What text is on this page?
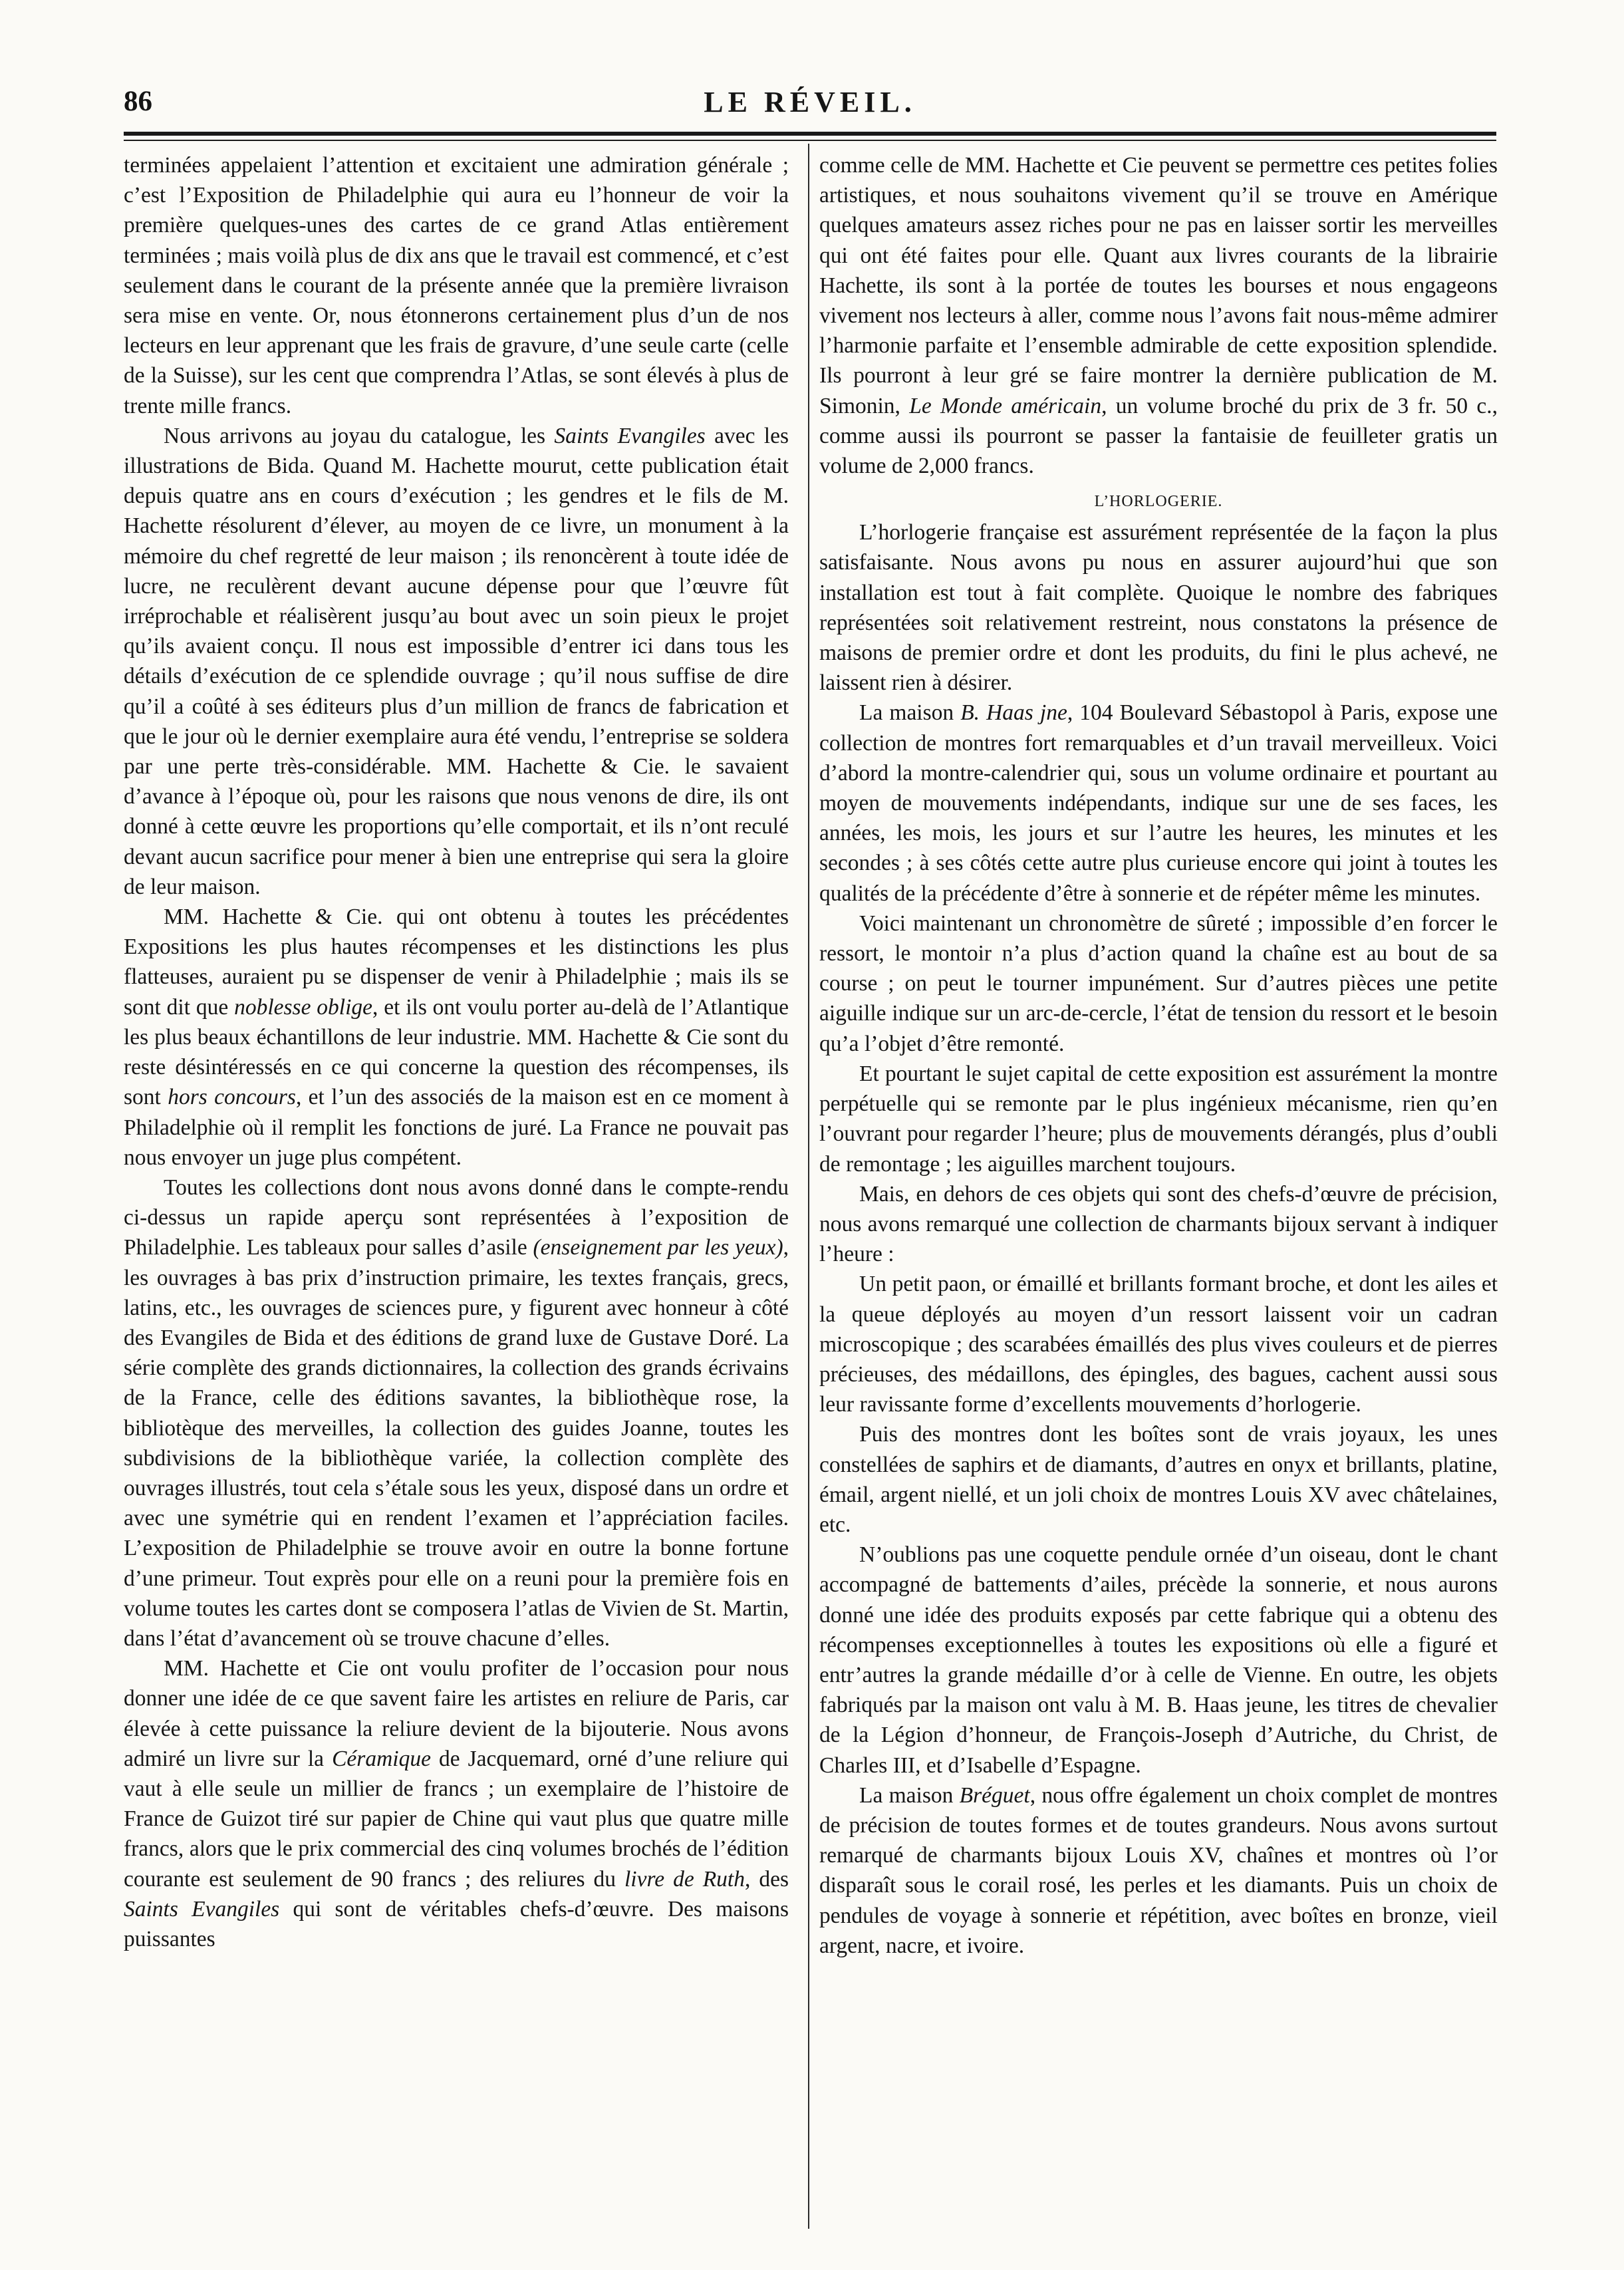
86	LE RÉVEIL.

terminées appelaient l’attention et excitaient une admiration générale ; c’est l’Exposition de Philadelphie qui aura eu l’honneur de voir la première quelques-unes des cartes de ce grand Atlas entièrement terminées ; mais voilà plus de dix ans que le travail est commencé, et c’est seulement dans le courant de la présente année que la première livraison sera mise en vente. Or, nous étonnerons certainement plus d’un de nos lecteurs en leur apprenant que les frais de gravure, d’une seule carte (celle de la Suisse), sur les cent que comprendra l’Atlas, se sont élevés à plus de trente mille francs.

Nous arrivons au joyau du catalogue, les Saints Evangiles avec les illustrations de Bida. Quand M. Hachette mourut, cette publication était depuis quatre ans en cours d’exécution ; les gendres et le fils de M. Hachette résolurent d’élever, au moyen de ce livre, un monument à la mémoire du chef regretté de leur maison ; ils renoncèrent à toute idée de lucre, ne reculèrent devant aucune dépense pour que l’œuvre fût irréprochable et réalisèrent jusqu’au bout avec un soin pieux le projet qu’ils avaient conçu. Il nous est impossible d’entrer ici dans tous les détails d’exécution de ce splendide ouvrage ; qu’il nous suffise de dire qu’il a coûté à ses éditeurs plus d’un million de francs de fabrication et que le jour où le dernier exemplaire aura été vendu, l’entreprise se soldera par une perte très-considérable. MM. Hachette & Cie. le savaient d’avance à l’époque où, pour les raisons que nous venons de dire, ils ont donné à cette œuvre les proportions qu’elle comportait, et ils n’ont reculé devant aucun sacrifice pour mener à bien une entreprise qui sera la gloire de leur maison.

MM. Hachette & Cie. qui ont obtenu à toutes les précédentes Expositions les plus hautes récompenses et les distinctions les plus flatteuses, auraient pu se dispenser de venir à Philadelphie ; mais ils se sont dit que noblesse oblige, et ils ont voulu porter au-delà de l’Atlantique les plus beaux échantillons de leur industrie. MM. Hachette & Cie sont du reste désintéressés en ce qui concerne la question des récompenses, ils sont hors concours, et l’un des associés de la maison est en ce moment à Philadelphie où il remplit les fonctions de juré. La France ne pouvait pas nous envoyer un juge plus compétent.

Toutes les collections dont nous avons donné dans le compte-rendu ci-dessus un rapide aperçu sont représentées à l’exposition de Philadelphie. Les tableaux pour salles d’asile (enseignement par les yeux), les ouvrages à bas prix d’instruction primaire, les textes français, grecs, latins, etc., les ouvrages de sciences pure, y figurent avec honneur à côté des Evangiles de Bida et des éditions de grand luxe de Gustave Doré. La série complète des grands dictionnaires, la collection des grands écrivains de la France, celle des éditions savantes, la bibliothèque rose, la bibliotèque des merveilles, la collection des guides Joanne, toutes les subdivisions de la bibliothèque variée, la collection complète des ouvrages illustrés, tout cela s’étale sous les yeux, disposé dans un ordre et avec une symétrie qui en rendent l’examen et l’appréciation faciles. L’exposition de Philadelphie se trouve avoir en outre la bonne fortune d’une primeur. Tout exprès pour elle on a reuni pour la première fois en volume toutes les cartes dont se composera l’atlas de Vivien de St. Martin, dans l’état d’avancement où se trouve chacune d’elles.

MM. Hachette et Cie ont voulu profiter de l’occasion pour nous donner une idée de ce que savent faire les artistes en reliure de Paris, car élevée à cette puissance la reliure devient de la bijouterie. Nous avons admiré un livre sur la Céramique de Jacquemard, orné d’une reliure qui vaut à elle seule un millier de francs ; un exemplaire de l’histoire de France de Guizot tiré sur papier de Chine qui vaut plus que quatre mille francs, alors que le prix commercial des cinq volumes brochés de l’édition courante est seulement de 90 francs ; des reliures du livre de Ruth, des Saints Evangiles qui sont de véritables chefs-d’œuvre. Des maisons puissantes

comme celle de MM. Hachette et Cie peuvent se permettre ces petites folies artistiques, et nous souhaitons vivement qu’il se trouve en Amérique quelques amateurs assez riches pour ne pas en laisser sortir les merveilles qui ont été faites pour elle. Quant aux livres courants de la librairie Hachette, ils sont à la portée de toutes les bourses et nous engageons vivement nos lecteurs à aller, comme nous l’avons fait nous-même admirer l’harmonie parfaite et l’ensemble admirable de cette exposition splendide. Ils pourront à leur gré se faire montrer la dernière publication de M. Simonin, Le Monde américain, un volume broché du prix de 3 fr. 50 c., comme aussi ils pourront se passer la fantaisie de feuilleter gratis un volume de 2,000 francs.

L’HORLOGERIE.

L’horlogerie française est assurément représentée de la façon la plus satisfaisante. Nous avons pu nous en assurer aujourd’hui que son installation est tout à fait complète. Quoique le nombre des fabriques représentées soit relativement restreint, nous constatons la présence de maisons de premier ordre et dont les produits, du fini le plus achevé, ne laissent rien à désirer.

La maison B. Haas jne, 104 Boulevard Sébastopol à Paris, expose une collection de montres fort remarquables et d’un travail merveilleux. Voici d’abord la montre-calendrier qui, sous un volume ordinaire et pourtant au moyen de mouvements indépendants, indique sur une de ses faces, les années, les mois, les jours et sur l’autre les heures, les minutes et les secondes ; à ses côtés cette autre plus curieuse encore qui joint à toutes les qualités de la précédente d’être à sonnerie et de répéter même les minutes.

Voici maintenant un chronomètre de sûreté ; impossible d’en forcer le ressort, le montoir n’a plus d’action quand la chaîne est au bout de sa course ; on peut le tourner impunément. Sur d’autres pièces une petite aiguille indique sur un arc-de-cercle, l’état de tension du ressort et le besoin qu’a l’objet d’être remonté.

Et pourtant le sujet capital de cette exposition est assurément la montre perpétuelle qui se remonte par le plus ingénieux mécanisme, rien qu’en l’ouvrant pour regarder l’heure; plus de mouvements dérangés, plus d’oubli de remontage ; les aiguilles marchent toujours.

Mais, en dehors de ces objets qui sont des chefs-d’œuvre de précision, nous avons remarqué une collection de charmants bijoux servant à indiquer l’heure :

Un petit paon, or émaillé et brillants formant broche, et dont les ailes et la queue déployés au moyen d’un ressort laissent voir un cadran microscopique ; des scarabées émaillés des plus vives couleurs et de pierres précieuses, des médaillons, des épingles, des bagues, cachent aussi sous leur ravissante forme d’excellents mouvements d’horlogerie.

Puis des montres dont les boîtes sont de vrais joyaux, les unes constellées de saphirs et de diamants, d’autres en onyx et brillants, platine, émail, argent niellé, et un joli choix de montres Louis XV avec châtelaines, etc.

N’oublions pas une coquette pendule ornée d’un oiseau, dont le chant accompagné de battements d’ailes, précède la sonnerie, et nous aurons donné une idée des produits exposés par cette fabrique qui a obtenu des récompenses exceptionnelles à toutes les expositions où elle a figuré et entr’autres la grande médaille d’or à celle de Vienne. En outre, les objets fabriqués par la maison ont valu à M. B. Haas jeune, les titres de chevalier de la Légion d’honneur, de François-Joseph d’Autriche, du Christ, de Charles III, et d’Isabelle d’Espagne.

La maison Bréguet, nous offre également un choix complet de montres de précision de toutes formes et de toutes grandeurs. Nous avons surtout remarqué de charmants bijoux Louis XV, chaînes et montres où l’or disparaît sous le corail rosé, les perles et les diamants. Puis un choix de pendules de voyage à sonnerie et répétition, avec boîtes en bronze, vieil argent, nacre, et ivoire.
